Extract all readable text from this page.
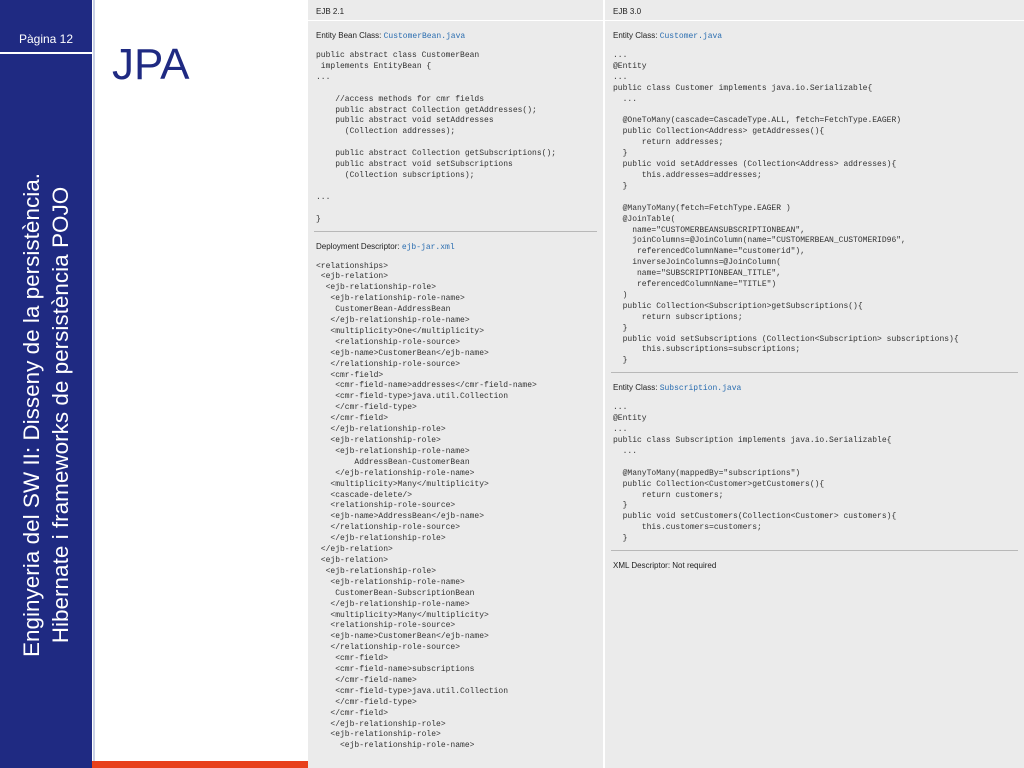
Pàgina 12
Enginyeria del SW II: Disseny de la persistència. Hibernate i frameworks de persistència POJO
JPA
EJB 2.1
Entity Bean Class: CustomerBean.java
public abstract class CustomerBean
implements EntityBean {
...

//access methods for cmr fields
public abstract Collection getAddresses();
public abstract void setAddresses
(Collection addresses);

public abstract Collection getSubscriptions();
public abstract void setSubscriptions
(Collection subscriptions);

...

}
Deployment Descriptor: ejb-jar.xml
<relationships>
<ejb-relation>
<ejb-relationship-role>
<ejb-relationship-role-name>
CustomerBean-AddressBean
</ejb-relationship-role-name>
<multiplicity>One</multiplicity>
<relationship-role-source>
<ejb-name>CustomerBean</ejb-name>
</relationship-role-source>
<cmr-field>
<cmr-field-name>addresses</cmr-field-name>
<cmr-field-type>java.util.Collection
</cmr-field-type>
</cmr-field>
</ejb-relationship-role>
<ejb-relationship-role>
<ejb-relationship-role-name>
AddressBean-CustomerBean
</ejb-relationship-role-name>
<multiplicity>Many</multiplicity>
<cascade-delete/>
<relationship-role-source>
<ejb-name>AddressBean</ejb-name>
</relationship-role-source>
</ejb-relationship-role>
</ejb-relation>
<ejb-relation>
<ejb-relationship-role>
<ejb-relationship-role-name>
CustomerBean-SubscriptionBean
</ejb-relationship-role-name>
<multiplicity>Many</multiplicity>
<relationship-role-source>
<ejb-name>CustomerBean</ejb-name>
</relationship-role-source>
<cmr-field>
<cmr-field-name>subscriptions
</cmr-field-name>
<cmr-field-type>java.util.Collection
</cmr-field-type>
</cmr-field>
</ejb-relationship-role>
<ejb-relationship-role>
<ejb-relationship-role-name>
EJB 3.0
Entity Class: Customer.java
...
@Entity
...
public class Customer implements java.io.Serializable{
...

@OneToMany(cascade=CascadeType.ALL, fetch=FetchType.EAGER)
public Collection<Address> getAddresses(){
return addresses;
}
public void setAddresses (Collection<Address> addresses){
this.addresses=addresses;
}

@ManyToMany(fetch=FetchType.EAGER )
@JoinTable(
name="CUSTOMERBEANSUBSCRIPTIONBEAN",
joinColumns=@JoinColumn(name="CUSTOMERBEAN_CUSTOMERID96",
referencedColumnName="customerid"),
inverseJoinColumns=@JoinColumn(
name="SUBSCRIPTIONBEAN_TITLE",
referencedColumnName="TITLE")
)
public Collection<Subscription>getSubscriptions(){
return subscriptions;
}
public void setSubscriptions (Collection<Subscription> subscriptions){
this.subscriptions=subscriptions;
}
Entity Class: Subscription.java
...
@Entity
...
public class Subscription implements java.io.Serializable{
...

@ManyToMany(mappedBy="subscriptions")
public Collection<Customer>getCustomers(){
return customers;
}
public void setCustomers(Collection<Customer> customers){
this.customers=customers;
}
XML Descriptor: Not required
